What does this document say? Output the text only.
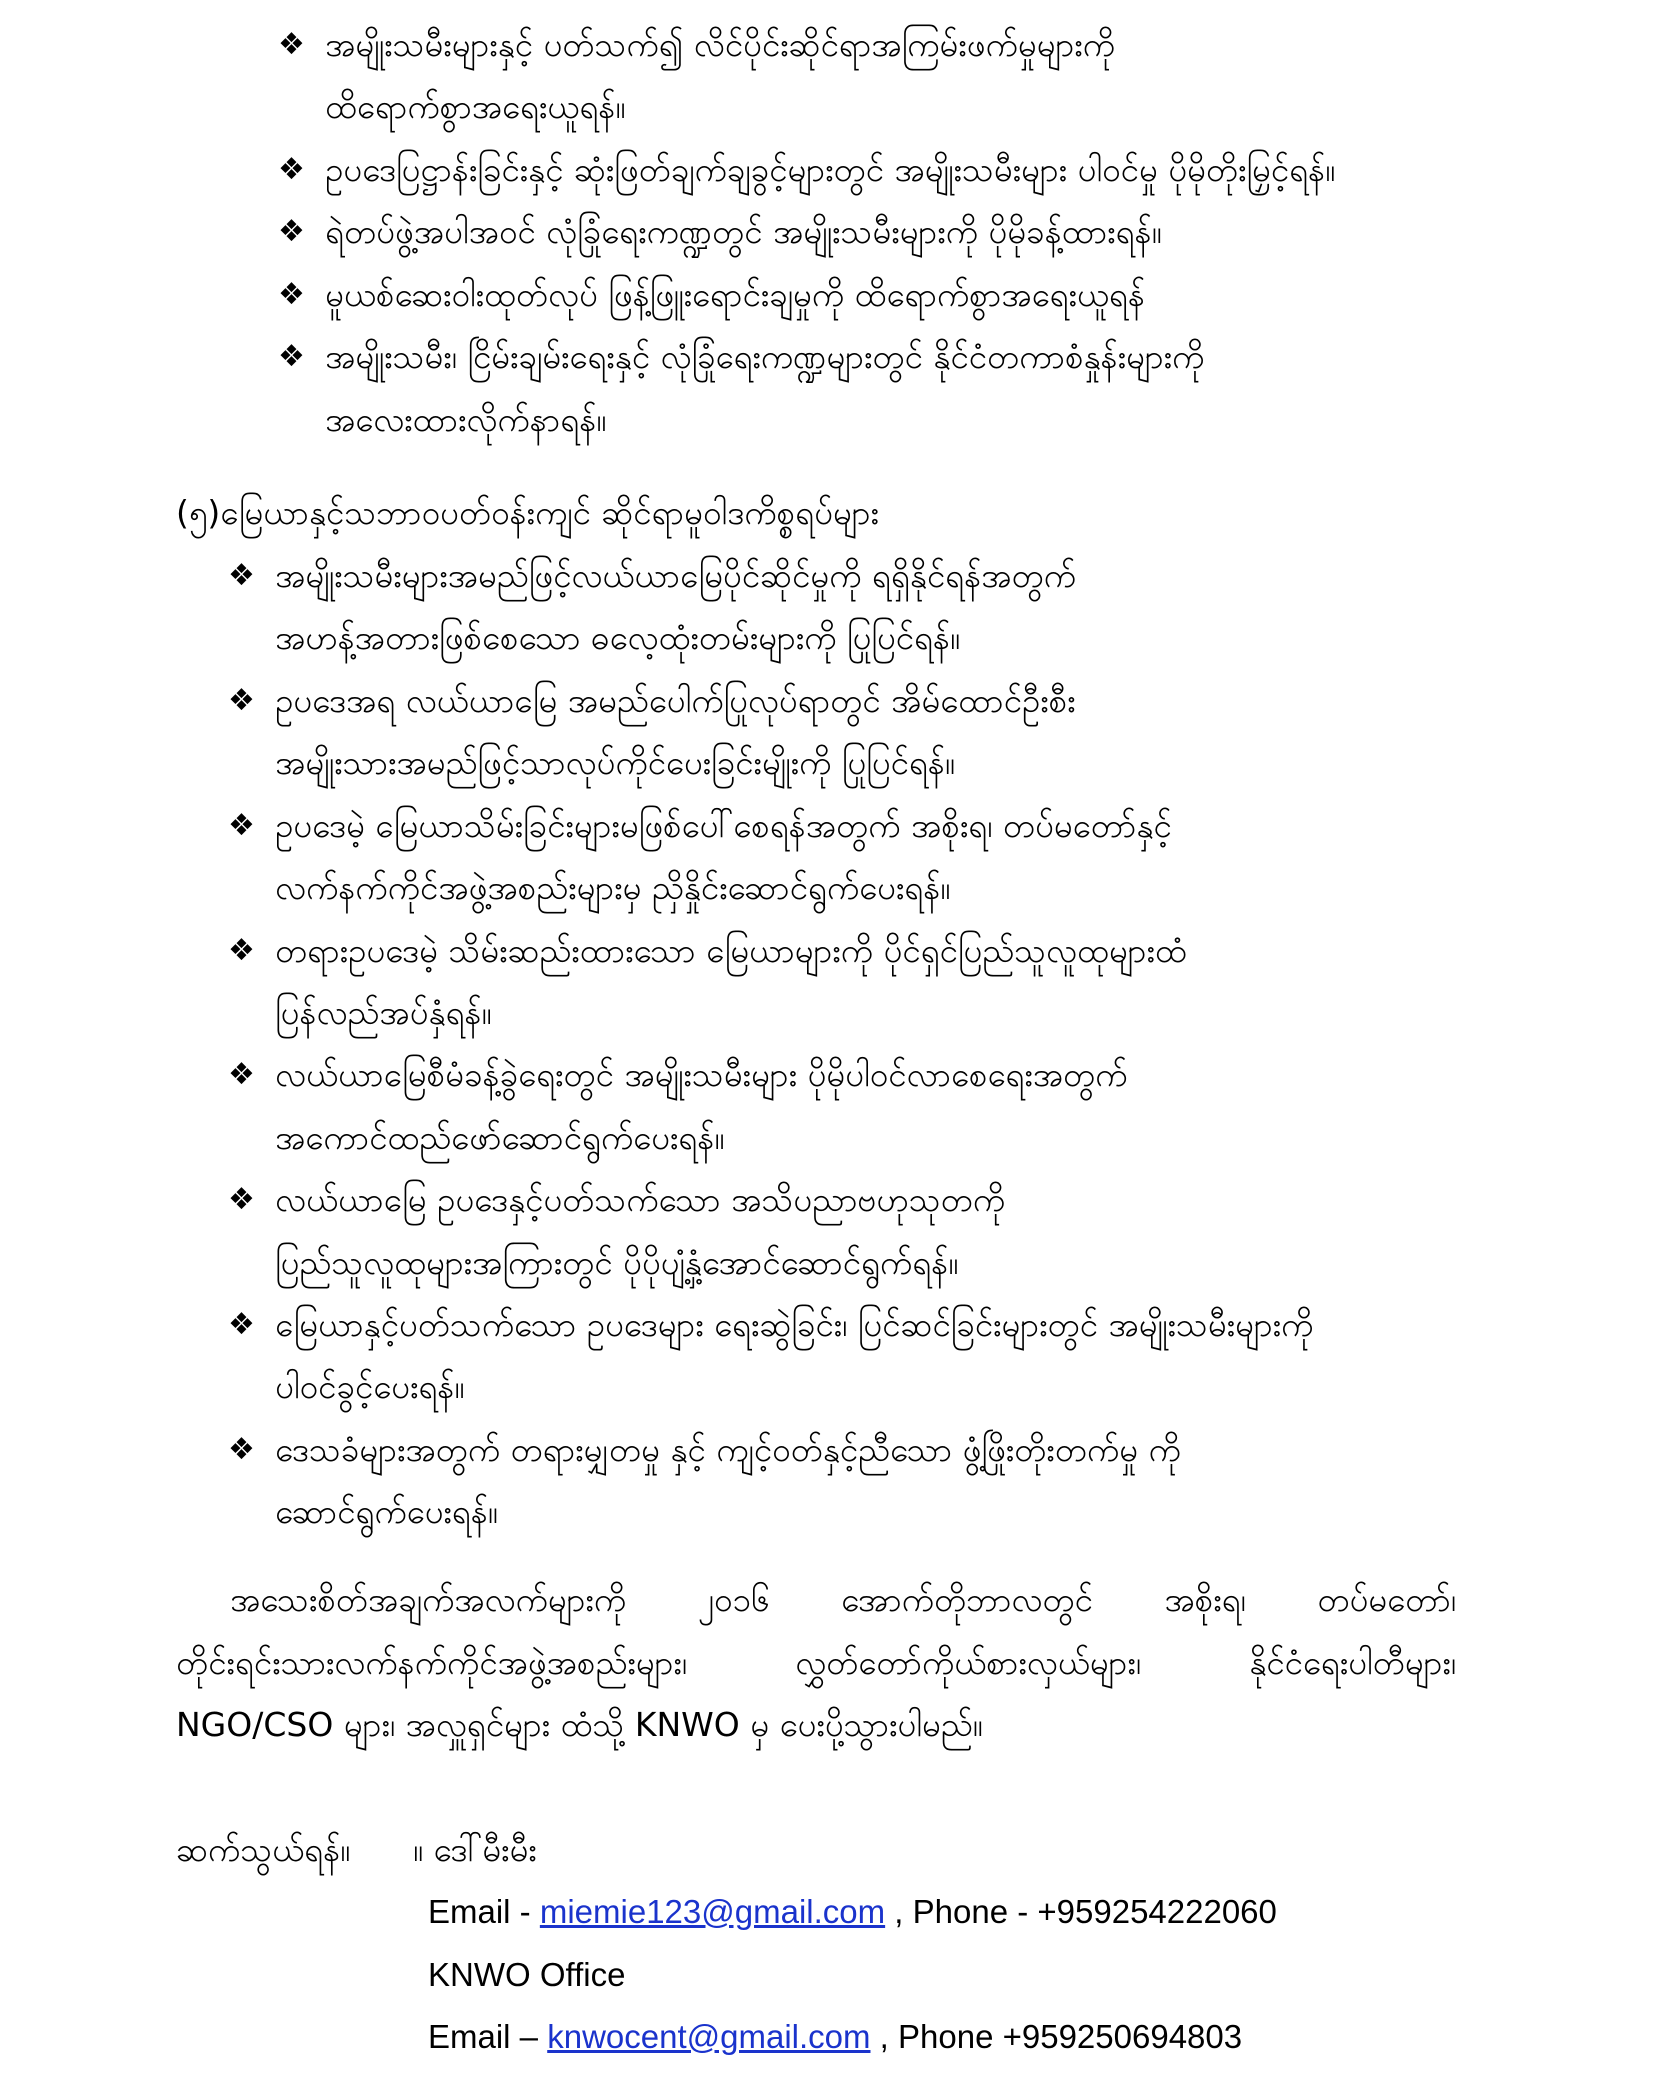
❖ အမျိုးသမီးများနှင့် ပတ်သက်၍ လိင်ပိုင်းဆိုင်ရာအကြမ်းဖက်မှုများကို
ထိရောက်စွာအရေးယူရန်။
❖ ဥပဒေပြဋ္ဌာန်းခြင်းနှင့် ဆုံးဖြတ်ချက်ချခွင့်များတွင် အမျိုးသမီးများ ပါဝင်မှု ပိုမိုတိုးမြှင့်ရန်။
❖ ရဲတပ်ဖွဲ့အပါအဝင် လုံခြုံရေးကဏ္ဍတွင် အမျိုးသမီးများကို ပိုမိုခန့်ထားရန်။
❖ မူယစ်ဆေးဝါးထုတ်လုပ် ဖြန့်ဖြူးရောင်းချမှုကို ထိရောက်စွာအရေးယူရန်
❖ အမျိုးသမီး၊ ငြိမ်းချမ်းရေးနှင့် လုံခြုံရေးကဏ္ဍများတွင် နိုင်ငံတကာစံနှုန်းများကို
အလေးထားလိုက်နာရန်။
(၅)မြေယာနှင့်သဘာဝပတ်ဝန်းကျင် ဆိုင်ရာမူဝါဒကိစ္စရပ်များ
❖ အမျိုးသမီးများအမည်ဖြင့်လယ်ယာမြေပိုင်ဆိုင်မှုကို ရရှိနိုင်ရန်အတွက်
အဟန့်အတားဖြစ်စေသော ဓလေ့ထုံးတမ်းများကို ပြုပြင်ရန်။
❖ ဥပဒေအရ လယ်ယာမြေ အမည်ပေါက်ပြုလုပ်ရာတွင် အိမ်ထောင်ဦးစီး
အမျိုးသားအမည်ဖြင့်သာလုပ်ကိုင်ပေးခြင်းမျိုးကို ပြုပြင်ရန်။
❖ ဥပဒေမဲ့ မြေယာသိမ်းခြင်းများမဖြစ်ပေါ်စေရန်အတွက် အစိုးရ၊ တပ်မတော်နှင့်
လက်နက်ကိုင်အဖွဲ့အစည်းများမှ ညှိနှိုင်းဆောင်ရွက်ပေးရန်။
❖ တရားဥပဒေမဲ့ သိမ်းဆည်းထားသော မြေယာများကို ပိုင်ရှင်ပြည်သူလူထုများထံ
ပြန်လည်အပ်နှံရန်။
❖ လယ်ယာမြေစီမံခန့်ခွဲရေးတွင် အမျိုးသမီးများ ပိုမိုပါဝင်လာစေရေးအတွက်
အကောင်ထည်ဖော်ဆောင်ရွက်ပေးရန်။
❖ လယ်ယာမြေ ဥပဒေနှင့်ပတ်သက်သော အသိပညာဗဟုသုတကို
ပြည်သူလူထုများအကြားတွင် ပိုပိုပျံ့နှံ့အောင်ဆောင်ရွက်ရန်။
❖ မြေယာနှင့်ပတ်သက်သော ဥပဒေများ ရေးဆွဲခြင်း၊ ပြင်ဆင်ခြင်းများတွင် အမျိုးသမီးများကို
ပါဝင်ခွင့်ပေးရန်။
❖ ဒေသခံများအတွက် တရားမျှတမှု နှင့် ကျင့်ဝတ်နှင့်ညီသော ဖွံ့ဖြိုးတိုးတက်မှု ကို
ဆောင်ရွက်ပေးရန်။
အသေးစိတ်အချက်အလက်များကို ၂၀၁၆ အောက်တိုဘာလတွင် အစိုးရ၊ တပ်မတော်၊
တိုင်းရင်းသားလက်နက်ကိုင်အဖွဲ့အစည်းများ၊ လွှတ်တော်ကိုယ်စားလှယ်များ၊ နိုင်ငံရေးပါတီများ၊
NGO/CSO များ၊ အလှူရှင်များ ထံသို့ KNWO မှ ပေးပို့သွားပါမည်။
ဆက်သွယ်ရန်။ ။ ဒေါ်မီးမီး
Email - miemie123@gmail.com , Phone - +959254222060
KNWO Office
Email – knwocent@gmail.com , Phone +959250694803
